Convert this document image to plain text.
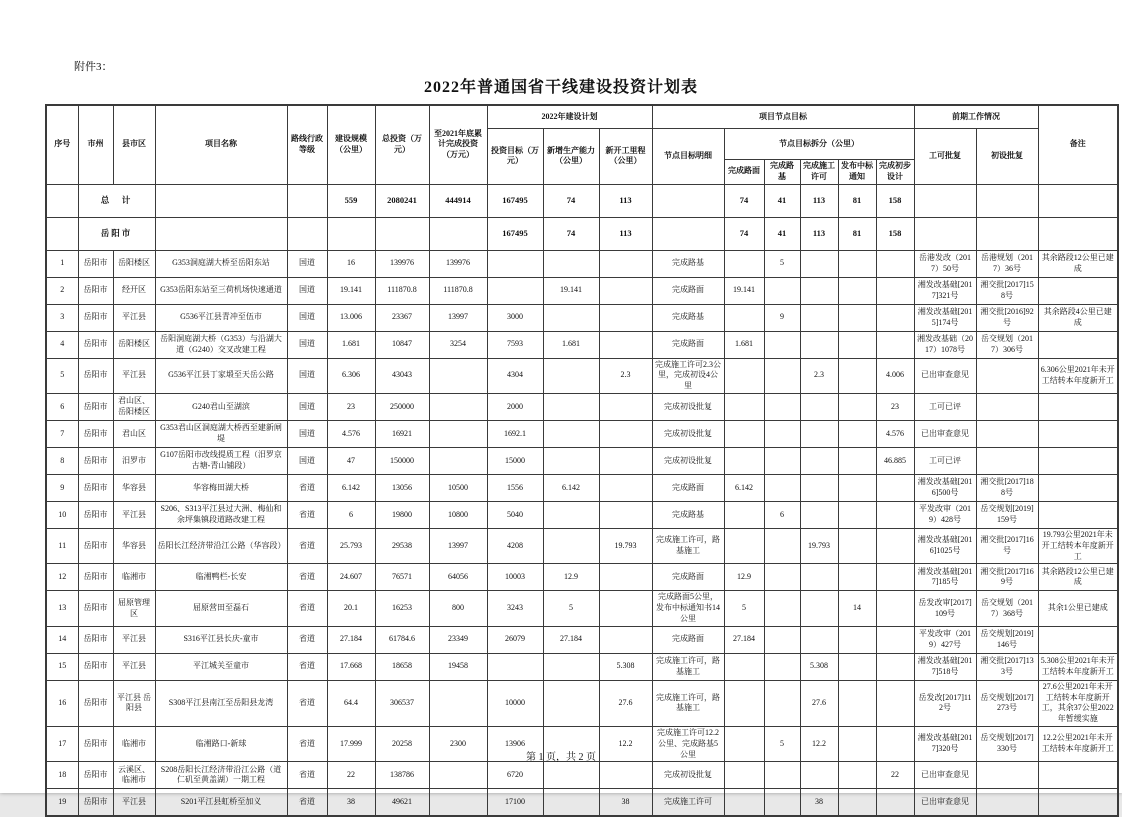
附件3：
2022年普通国省干线建设投资计划表
序号	市州	县市区	项目名称	路线行政等级	建设规模（公里）	总投资（万元）	至2021年底累计完成投资（万元）	2022年建设计划			项目节点目标						前期工作情况		备注
								投资目标（万元）	新增生产能力（公里）	新开工里程（公里）	节点目标明细	节点目标拆分（公里）					工可批复	初设批复	
												完成路面	完成路基	完成施工许可	发布中标通知	完成初步设计			
	总　计				559	2080241	444914	167495	74	113		74	41	113	81	158			
	岳阳市							167495	74	113		74	41	113	81	158			
1	岳阳市	岳阳楼区	G353洞庭湖大桥至岳阳东站	国道	16	139976	139976				完成路基		5				岳港发改（2017）50号	岳港规划（2017）36号	其余路段12公里已建成
2	岳阳市	经开区	G353岳阳东站至三荷机场快速通道	国道	19.141	111870.8	111870.8		19.141		完成路面	19.141					湘发改基础[2017]321号	湘交批[2017]158号	
3	岳阳市	平江县	G536平江县青冲至伍市	国道	13.006	23367	13997	3000			完成路基		9				湘发改基础[2015]174号	湘交批[2016]92号	其余路段4公里已建成
4	岳阳市	岳阳楼区	岳阳洞庭湖大桥（G353）与沿湖大道（G240）交叉改建工程	国道	1.681	10847	3254	7593	1.681		完成路面	1.681					湘发改基础（2017）1078号	岳交规划（2017）306号	
5	岳阳市	平江县	G536平江县丁家塅至天岳公路	国道	6.306	43043		4304		2.3	完成施工许可2.3公里，完成初设4公里			2.3		4.006	已出审查意见		6.306公里2021年未开工结转本年度新开工
6	岳阳市	君山区、岳阳楼区	G240君山至湖滨	国道	23	250000		2000			完成初设批复					23	工可已评		
7	岳阳市	君山区	G353君山区洞庭湖大桥西至建新闸堤	国道	4.576	16921		1692.1			完成初设批复					4.576	已出审查意见		
8	岳阳市	汨罗市	G107岳阳市改线提质工程（汨罗京古塘-青山铺段）	国道	47	150000		15000			完成初设批复					46.885	工可已评		
9	岳阳市	华容县	华容梅田湖大桥	省道	6.142	13056	10500	1556	6.142		完成路面	6.142					湘发改基础[2016]500号	湘交批[2017]188号	
10	岳阳市	平江县	S206、S313平江县过大洲、梅仙和余坪集镇段道路改建工程	省道	6	19800	10800	5040			完成路基		6				平发改审（2019）428号	岳交规划[2019]159号	
11	岳阳市	华容县	岳阳长江经济带沿江公路（华容段）	省道	25.793	29538	13997	4208		19.793	完成施工许可，路基施工			19.793			湘发改基础[2016]1025号	湘交批[2017]16号	19.793公里2021年未开工结转本年度新开工
12	岳阳市	临湘市	临湘鸭栏-长安	省道	24.607	76571	64056	10003	12.9		完成路面	12.9					湘发改基础[2017]185号	湘交批[2017]169号	其余路段12公里已建成
13	岳阳市	屈原管理区	屈原营田至磊石	省道	20.1	16253	800	3243	5		完成路面5公里，发布中标通知书14公里	5			14		岳发改审[2017]109号	岳交规划（2017）368号	其余1公里已建成
14	岳阳市	平江县	S316平江县长庆-童市	省道	27.184	61784.6	23349	26079	27.184		完成路面	27.184					平发改审（2019）427号	岳交规划[2019]146号	
15	岳阳市	平江县	平江城关至童市	省道	17.668	18658	19458			5.308	完成施工许可，路基施工			5.308			湘发改基础[2017]518号	湘交批[2017]133号	5.308公里2021年未开工结转本年度新开工
16	岳阳市	平江县 岳阳县	S308平江县南江至岳阳县龙湾	省道	64.4	306537		10000		27.6	完成施工许可，路基施工			27.6			岳发改[2017]112号	岳交规划[2017]273号	27.6公里2021年未开工结转本年度新开工，其余37公里2022年暂缓实施
17	岳阳市	临湘市	临湘路口-新球	省道	17.999	20258	2300	13906		12.2	完成施工许可12.2公里、完成路基5公里		5	12.2			湘发改基础[2017]320号	岳交规划[2017]330号	12.2公里2021年未开工结转本年度新开工
18	岳阳市	云溪区、临湘市	S208岳阳长江经济带沿江公路（道仁矶至黄盖湖）一期工程	省道	22	138786		6720			完成初设批复					22	已出审查意见		
19	岳阳市	平江县	S201平江县虹桥至加义	省道	38	49621		17100		38	完成施工许可			38			已出审查意见		
第 1 页，共 2 页
